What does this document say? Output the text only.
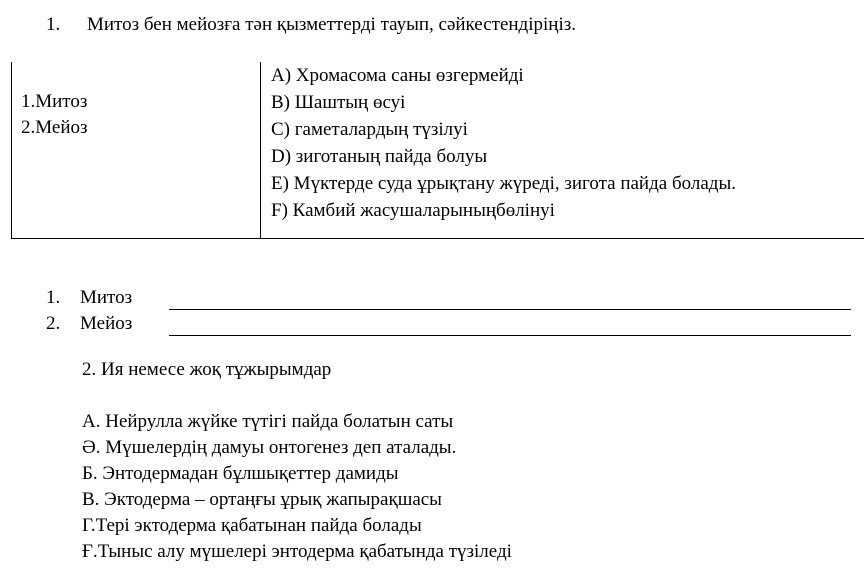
1. Митоз бен мейозға тән қызметтерді тауып, сәйкестендіріңіз.
1.Митоз
2.Мейоз
A) Хромасома саны өзгермейді
B) Шаштың өсуі
C) гаметалардың түзілуі
D) зиготаның пайда болуы
E) Мүктерде суда ұрықтану жүреді, зигота пайда болады.
F) Камбий жасушаларыныңбөлінуі
1. Митоз
2. Мейоз
2. Ия немесе жоқ тұжырымдар
А. Нейрулла жүйке түтігі пайда болатын саты
Ә. Мүшелердің дамуы онтогенез деп аталады.
Б. Энтодермадан бұлшықеттер дамиды
В. Эктодерма – ортаңғы ұрық жапырақшасы
Г.Тері эктодерма қабатынан пайда болады
Ғ.Тыныс алу мүшелері энтодерма қабатында түзіледі
